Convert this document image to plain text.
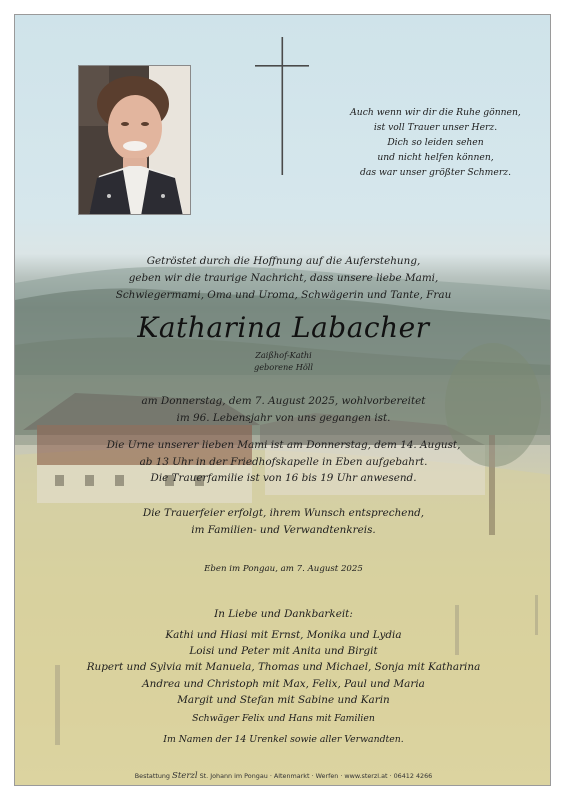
Auch wenn wir dir die Ruhe gönnen,
ist voll Trauer unser Herz.
Dich so leiden sehen
und nicht helfen können,
das war unser größter Schmerz.
Getröstet durch die Hoffnung auf die Auferstehung,
geben wir die traurige Nachricht, dass unsere liebe Mami,
Schwiegermami, Oma und Uroma, Schwägerin und Tante, Frau
Katharina Labacher
Zaißhof-Kathi
geborene Höll
am Donnerstag, dem 7. August 2025, wohlvorbereitet
im 96. Lebensjahr von uns gegangen ist.
Die Urne unserer lieben Mami ist am Donnerstag, dem 14. August,
ab 13 Uhr in der Friedhofskapelle in Eben aufgebahrt.
Die Trauerfamilie ist von 16 bis 19 Uhr anwesend.
Die Trauerfeier erfolgt, ihrem Wunsch entsprechend,
im Familien- und Verwandtenkreis.
Eben im Pongau, am 7. August 2025
In Liebe und Dankbarkeit:
Kathi und Hiasi mit Ernst, Monika und Lydia
Loisi und Peter mit Anita und Birgit
Rupert und Sylvia mit Manuela, Thomas und Michael, Sonja mit Katharina
Andrea und Christoph mit Max, Felix, Paul und Maria
Margit und Stefan mit Sabine und Karin
Schwäger Felix und Hans mit Familien
Im Namen der 14 Urenkel sowie aller Verwandten.
Bestattung Sterzl St. Johann im Pongau · Altenmarkt · Werfen · www.sterzl.at · 06412 4266
